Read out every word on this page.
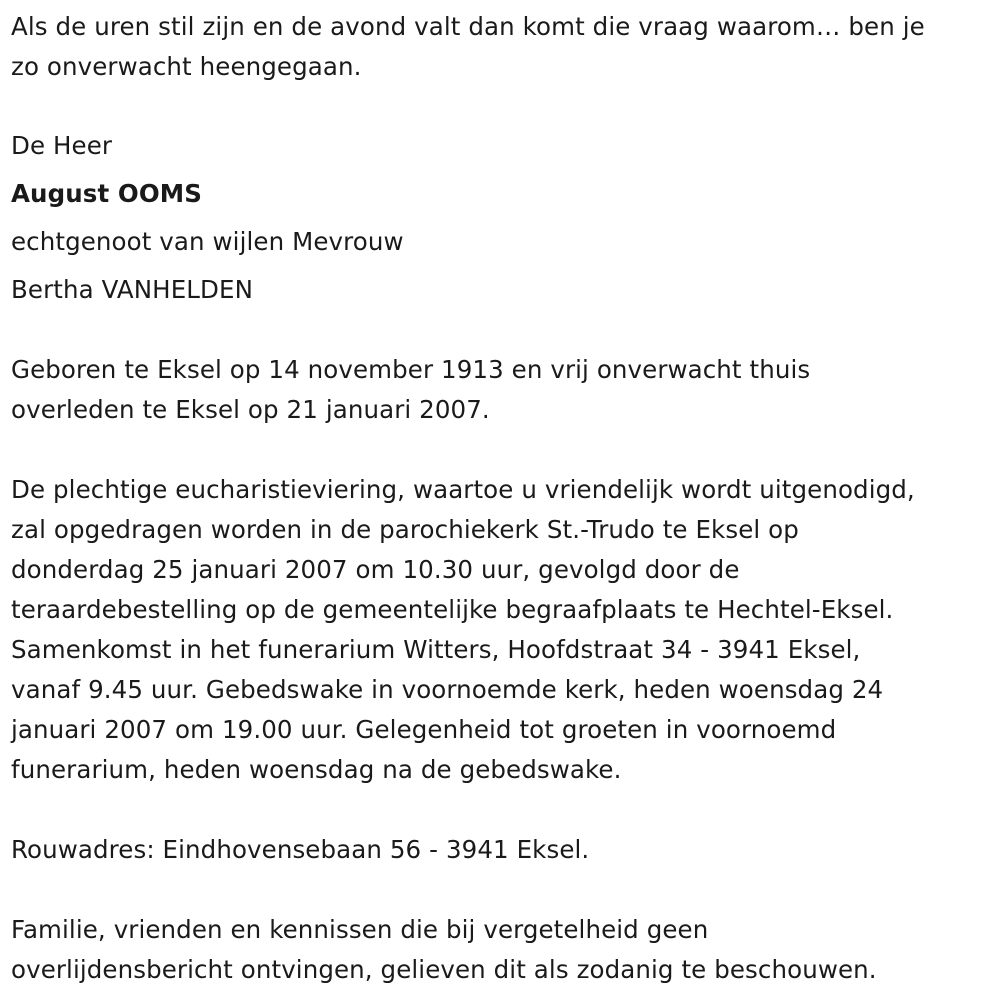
Als de uren stil zijn en de avond valt dan komt die vraag waarom… ben je
zo onverwacht heengegaan.
De Heer
August OOMS
echtgenoot van wijlen Mevrouw
Bertha VANHELDEN
Geboren te Eksel op 14 november 1913 en vrij onverwacht thuis
overleden te Eksel op 21 januari 2007.
De plechtige eucharistieviering, waartoe u vriendelijk wordt uitgenodigd,
zal opgedragen worden in de parochiekerk St.-Trudo te Eksel op
donderdag 25 januari 2007 om 10.30 uur, gevolgd door de
teraardebestelling op de gemeentelijke begraafplaats te Hechtel-Eksel.
Samenkomst in het funerarium Witters, Hoofdstraat 34 - 3941 Eksel,
vanaf 9.45 uur. Gebedswake in voornoemde kerk, heden woensdag 24
januari 2007 om 19.00 uur. Gelegenheid tot groeten in voornoemd
funerarium, heden woensdag na de gebedswake.
Rouwadres: Eindhovensebaan 56 - 3941 Eksel.
Familie, vrienden en kennissen die bij vergetelheid geen
overlijdensbericht ontvingen, gelieven dit als zodanig te beschouwen.
